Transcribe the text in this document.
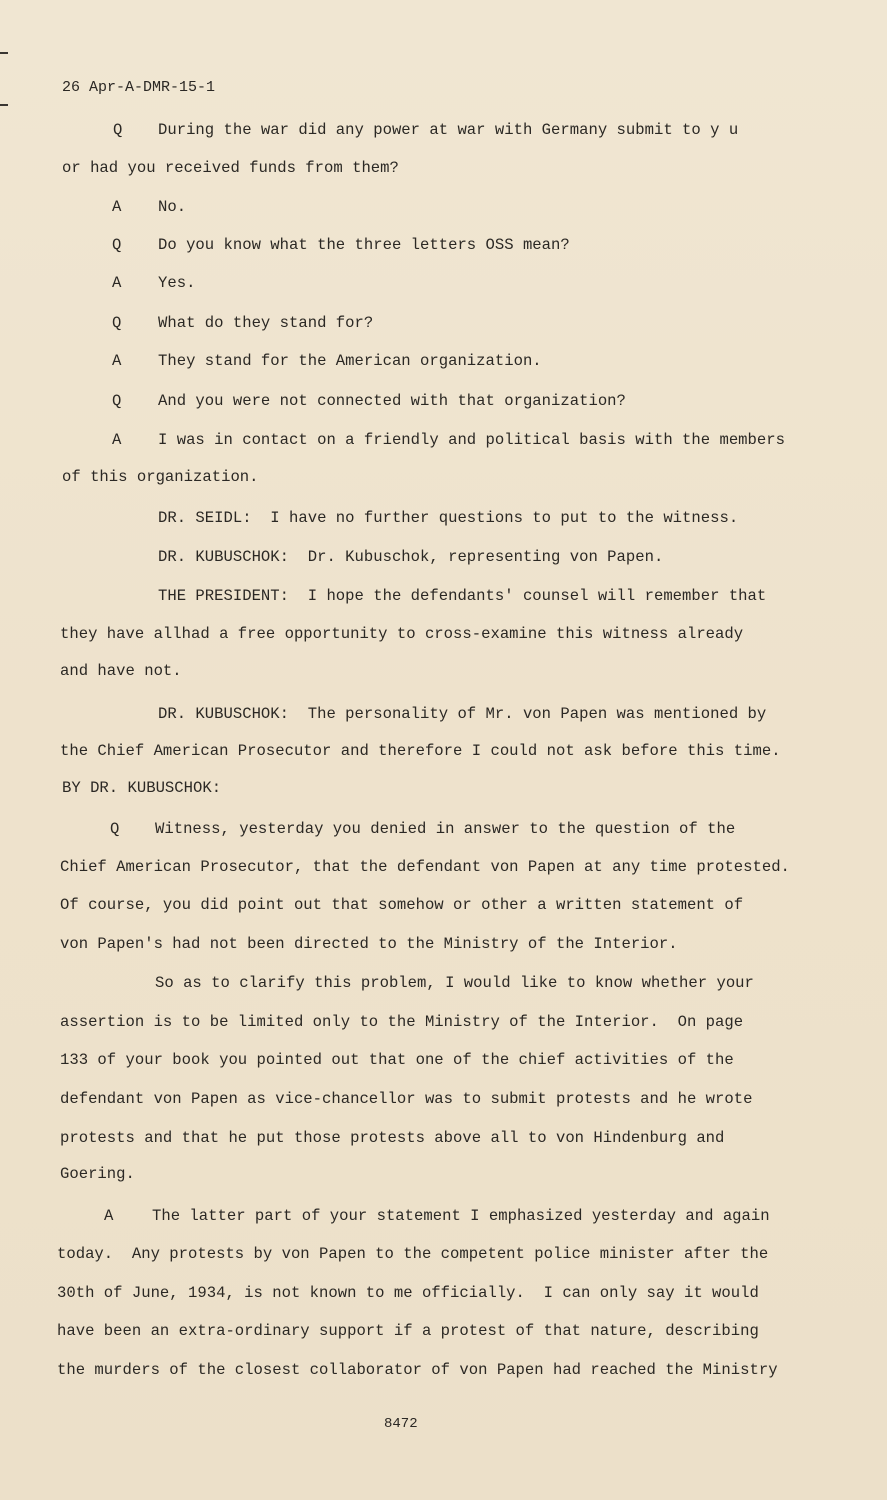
26 Apr-A-DMR-15-1
Q During the war did any power at war with Germany submit to y u
or had you received funds from them?
A No.
Q Do you know what the three letters OSS mean?
A Yes.
Q What do they stand for?
A They stand for the American organization.
Q And you were not connected with that organization?
A I was in contact on a friendly and political basis with the members
of this organization.
DR. SEIDL:  I have no further questions to put to the witness.
DR. KUBUSCHOK:  Dr. Kubuschok, representing von Papen.
THE PRESIDENT:  I hope the defendants' counsel will remember that
they have allhad a free opportunity to cross-examine this witness already
and have not.
DR. KUBUSCHOK:  The personality of Mr. von Papen was mentioned by
the Chief American Prosecutor and therefore I could not ask before this time.
BY DR. KUBUSCHOK:
Q Witness, yesterday you denied in answer to the question of the
Chief American Prosecutor, that the defendant von Papen at any time protested.
Of course, you did point out that somehow or other a written statement of
von Papen's had not been directed to the Ministry of the Interior.
So as to clarify this problem, I would like to know whether your
assertion is to be limited only to the Ministry of the Interior.  On page
133 of your book you pointed out that one of the chief activities of the
defendant von Papen as vice-chancellor was to submit protests and he wrote
protests and that he put those protests above all to von Hindenburg and
Goering.
A The latter part of your statement I emphasized yesterday and again
today.  Any protests by von Papen to the competent police minister after the
30th of June, 1934, is not known to me officially.  I can only say it would
have been an extra-ordinary support if a protest of that nature, describing
the murders of the closest collaborator of von Papen had reached the Ministry
8472
